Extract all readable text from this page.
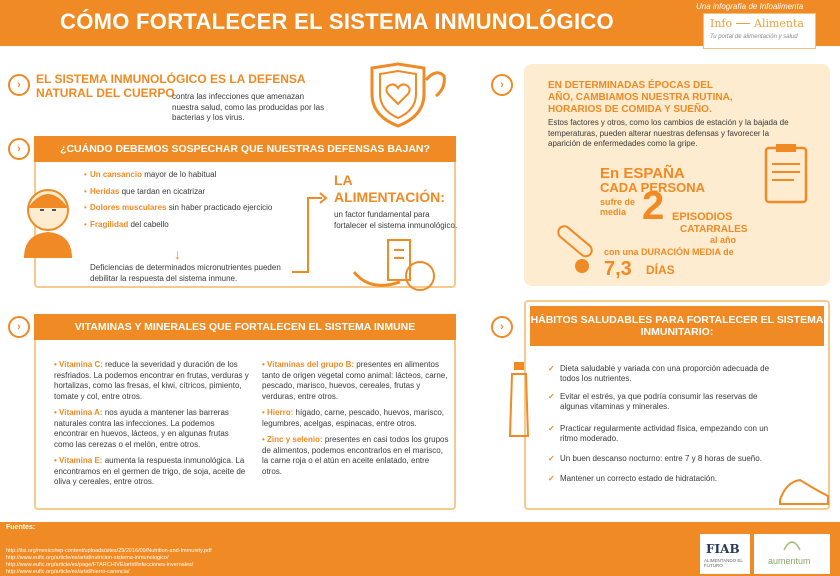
CÓMO FORTALECER EL SISTEMA INMUNOLÓGICO
Una infografía de Infoalimenta
Info Alimenta
Tu portal de alimentación y salud
›	EL SISTEMA INMUNOLÓGICO ES LA DEFENSA NATURAL DEL CUERPO
contra las infecciones que amenazan nuestra salud, como las producidas por las bacterias y los virus.
›	EN DETERMINADAS ÉPOCAS DEL AÑO, CAMBIAMOS NUESTRA RUTINA, HORARIOS DE COMIDA Y SUEÑO.
Estos factores y otros, como los cambios de estación y la bajada de temperaturas, pueden alterar nuestras defensas y favorecer la aparición de enfermedades como la gripe.
En ESPAÑA
CADA PERSONA
sufre de media 2 EPISODIOS
CATARRALES
al año
con una DURACIÓN MEDIA de
7,3 DÍAS
›	¿CUÁNDO DEBEMOS SOSPECHAR QUE NUESTRAS DEFENSAS BAJAN?
• Un cansancio mayor de lo habitual
• Heridas que tardan en cicatrizar
• Dolores musculares sin haber practicado ejercicio
• Fragilidad del cabello
↓
Deficiencias de determinados micronutrientes pueden debilitar la respuesta del sistema inmune.
LA
ALIMENTACIÓN:
un factor fundamental para fortalecer el sistema inmunológico.
›	VITAMINAS Y MINERALES QUE FORTALECEN EL SISTEMA INMUNE

• Vitamina C: reduce la severidad y duración de los resfriados. La podemos encontrar en frutas, verduras y hortalizas, como las fresas, el kiwi, cítricos, pimiento, tomate y col, entre otros.

• Vitamina A: nos ayuda a mantener las barreras naturales contra las infecciones. La podemos encontrar en huevos, lácteos, y en algunas frutas como las cerezas o el melón, entre otros.

• Vitamina E: aumenta la respuesta inmunológica. La encontramos en el germen de trigo, de soja, aceite de oliva y cereales, entre otros.

• Vitaminas del grupo B: presentes en alimentos tanto de origen vegetal como animal: lácteos, carne, pescado, marisco, huevos, cereales, frutas y verduras, entre otros.

• Hierro: hígado, carne, pescado, huevos, marisco, legumbres, acelgas, espinacas, entre otros.

• Zinc y selenio: presentes en casi todos los grupos de alimentos, podemos encontrarlos en el marisco, la carne roja o el atún en aceite enlatado, entre otros.

›
HÁBITOS SALUDABLES PARA FORTALECER EL SISTEMA INMUNITARIO:
✓ Dieta saludable y variada con una proporción adecuada de todos los nutrientes.
✓ Evitar el estrés, ya que podría consumir las reservas de algunas vitaminas y minerales.
✓ Practicar regularmente actividad física, empezando con un ritmo moderado.
✓ Un buen descanso nocturno: entre 7 y 8 horas de sueño.
✓ Mantener un correcto estado de hidratación.
Fuentes:
http://ilsi.org/mexico/wp-content/uploads/sites/29/2016/09/Nutrition-and-Immunity.pdf
http://www.eufic.org/article/es/artid/nutricion-sistema-inmunologico/
http://www.eufic.org/article/es/page/FTARCHIVE/artid/infecciones-invernales/
http://www.eufic.org/article/es/artid/hierro-carencia/
FIAB
ALIMENTANDO EL FUTURO	aumentum
